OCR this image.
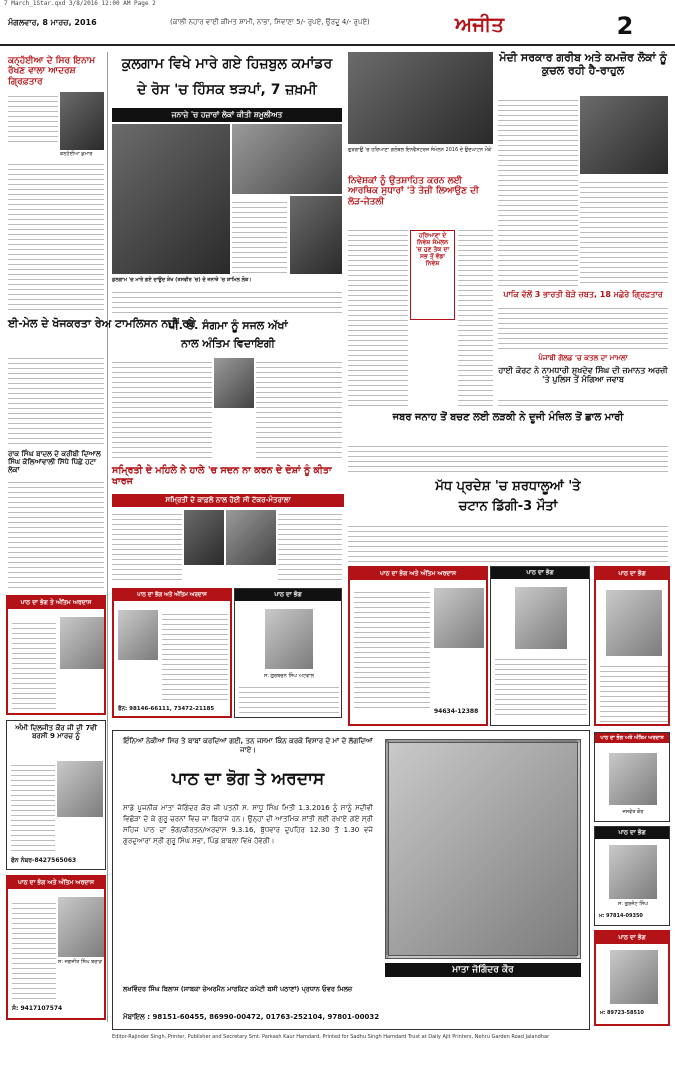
7 March_1Star.qxd 3/8/2016 12:00 AM Page 2
ਮੰਗਲਵਾਰ, 8 ਮਾਰਚ, 2016	(ਕਾਲੀ ਨਹਾਰ ਵਾਈ ਕੀਮਤ ਸ਼ਾਮੀ, ਨਾਭਾ, ਸਿਵਾਣਾ 5/- ਰੁਪਏ, ਉਰਦੂ 4/- ਰੁਪਏ)	ਅਜੀਤ	2
ਕਨ੍ਹੱਈਆ ਦੇ ਸਿਰ ਇਨਾਮ ਰੱਖਣ ਵਾਲਾ ਆਦਰਸ਼ ਗ੍ਰਿਫ਼ਤਾਰ
ਕਨ੍ਹੱਈਆ ਕੁਮਾਰ
ਈ-ਮੇਲ ਦੇ ਖੋਜਕਰਤਾ ਰੇਅ ਟਾਮਲਿਸਨ ਨਹੀਂ ਰਹੇ
ਰਾਕ ਸਿੰਘ ਬਾਦਲ ਦੇ ਕਰੀਬੀ ਦਿਆਲ ਸਿੰਘ ਕੋਲਿਆਂਵਾਲੀ ਸਿੱਧੇ ਪਿੱਛੇ ਹਟਾ ਲੋਕਾਂ
ਪਾਠ ਦਾ ਭੋਗ ਤੇ ਅੰਤਿਮ ਅਰਦਾਸ
ਅੰਮੀ ਦਿਲਜੀਤ ਕੌਰ ਜੀ ਦੀ 7ਵੀਂ ਬਰਸੀ 9 ਮਾਰਚ ਨੂੰ
ਫੋਨ ਨੰਬਰ-8427565063
ਪਾਠ ਦਾ ਭੋਗ ਅਤੇ ਅੰਤਿਮ ਅਰਦਾਸ
ਸ: ਜਗਜੀਤ ਸਿੰਘ ਬਰਾੜ
ਸੰ: 9417107574
ਕੁਲਗਾਮ ਵਿਖੇ ਮਾਰੇ ਗਏ ਹਿਜ਼ਬੁਲ ਕਮਾਂਡਰ
ਦੇ ਰੋਸ 'ਚ ਹਿੰਸਕ ਝੜਪਾਂ, 7 ਜ਼ਖ਼ਮੀ
ਜਨਾਜ਼ੇ 'ਚ ਹਜ਼ਾਰਾਂ ਲੋਕਾਂ ਕੀਤੀ ਸ਼ਮੂਲੀਅਤ
ਕੁਲਗਾਮ 'ਚ ਮਾਰੇ ਗਏ ਦਾਊਦ ਸ਼ੇਖ (ਤਸਵੀਰ 'ਚ) ਦੇ ਜਨਾਜ਼ੇ 'ਚ ਸ਼ਾਮਿਲ ਲੋਕ।
ਪੀ. ਏ. ਸੰਗਮਾ ਨੂੰ ਸਜਲ ਅੱਖਾਂ
ਨਾਲ ਅੰਤਿਮ ਵਿਦਾਇਗੀ
ਸਮ੍ਰਿਤੀ ਦੇ ਮਹਿਲੇ ਨੇ ਹਾਲੇ 'ਚ ਸਦਨ ਨਾ ਕਰਨ ਦੇ ਦੋਸ਼ਾਂ ਨੂੰ ਕੀਤਾ ਖਾਰਜ
ਸਮ੍ਰਿਤੀ ਦੇ ਕਾਫ਼ਲੇ ਨਾਲ ਹੋਈ ਸੀ ਟੱਕਰ-ਮੰਤਰਾਲਾ
ਪਾਠ ਦਾ ਭੋਗ ਅਤੇ ਅੰਤਿਮ ਅਰਦਾਸ
ਫੋਨ: 98146-66111, 73472-21185
ਪਾਠ ਦਾ ਭੋਗ
ਸ: ਗੁਰਬਚਨ ਸਿੰਘ ਅਟਵਾਲ
ਗੁੜਗਾਉਂ 'ਚ ਹਰਿਆਣਾ ਗਲੋਬਲ ਇਨਵੈਸਟਰਜ਼ ਸੰਮੇਲਨ 2016 ਦੇ ਉਦਘਾਟਨ ਮੌਕੇ
ਨਿਵੇਸ਼ਕਾਂ ਨੂੰ ਉਤਸ਼ਾਹਿਤ ਕਰਨ ਲਈ ਆਰਥਿਕ ਸੁਧਾਰਾਂ 'ਤੇ ਤੇਜ਼ੀ ਲਿਆਉਣ ਦੀ ਲੋੜ-ਜੇਤਲੀ
ਹਰਿਆਣਾ ਦੇ ਨਿਵੇਸ਼ ਸੰਮੇਲਨ 'ਚ ਹੁਣ ਤੱਕ ਦਾ ਸਭ ਤੋਂ ਵੱਡਾ ਨਿਵੇਸ਼
ਜਬਰ ਜਨਾਹ ਤੋਂ ਬਚਣ ਲਈ ਲੜਕੀ ਨੇ ਦੂਜੀ ਮੰਜ਼ਿਲ ਤੋਂ ਛਾਲ ਮਾਰੀ
ਮੱਧ ਪ੍ਰਦੇਸ਼ 'ਚ ਸ਼ਰਧਾਲੂਆਂ 'ਤੇ
ਚਟਾਨ ਡਿੱਗੀ-3 ਮੌਤਾਂ
ਪਾਠ ਦਾ ਭੋਗ ਅਤੇ ਅੰਤਿਮ ਅਰਦਾਸ
94634-12388
ਪਾਠ ਦਾ ਭੋਗ
ਇੰਨਿਆਂ ਨੇਕੀਆਂ ਸਿਰ ਤੇ ਬਾਬਾਂ ਕਰਦਿਆਂ ਗਈ, ਤਨ ਜਸਮਾ ਕਿੰਨ ਕਰਕੇ ਵਿਸਾਰ ਦੇ ਮਾਂ ਦੇ ਲੱਗਦਿਆਂ ਜਾਏ।
ਪਾਠ ਦਾ ਭੋਗ ਤੇ ਅਰਦਾਸ
ਸਾਡੇ ਪੂਜਨੀਕ ਮਾਤਾ ਜੋਗਿੰਦਰ ਕੌਰ ਜੀ ਪਤਨੀ ਸ. ਸਾਧੂ ਸਿੰਘ ਮਿਤੀ 1.3.2016 ਨੂੰ ਸਾਨੂੰ ਸਦੀਵੀ ਵਿਛੋੜਾ ਦੇ ਕੇ ਗੁਰੂ ਚਰਨਾਂ ਵਿਚ ਜਾ ਬਿਰਾਜੇ ਹਨ। ਉਨ੍ਹਾਂ ਦੀ ਆਤਮਿਕ ਸ਼ਾਂਤੀ ਲਈ ਰਖਾਏ ਗਏ ਸ੍ਰੀ ਸਹਿਜ ਪਾਠ ਦਾ ਭੋਗ/ਕੀਰਤਨ/ਅਰਦਾਸ 9.3.16, ਬੁੱਧਵਾਰ ਦੁਪਹਿਰ 12.30 ਤੋਂ 1.30 ਵਜੇ ਗੁਰਦੁਆਰਾ ਸ੍ਰੀ ਗੁਰੂ ਸਿੰਘ ਸਭਾ, ਪਿੰਡ ਬਾਬਲਾ ਵਿਖੇ ਹੋਵੇਗੀ।
ਮਾਤਾ ਜੋਗਿੰਦਰ ਕੌਰ
ਲਖਵਿੰਦਰ ਸਿੰਘ ਬਿਲਾਸ (ਸਾਬਕਾ ਚੇਅਰਮੈਨ ਮਾਰਕਿਟ ਕਮੇਟੀ ਬਸੀ ਪਠਾਣਾਂ) ਪ੍ਰਧਾਨ ਓਵਰ ਮਿਲਜ਼
ਮੋਬਾਇਲ : 98151-60455, 86990-00472, 01763-252104, 97801-00032
ਮੋਦੀ ਸਰਕਾਰ ਗਰੀਬ ਅਤੇ ਕਮਜ਼ੋਰ ਲੋਕਾਂ ਨੂੰ ਕੁਚਲ ਰਹੀ ਹੈ-ਰਾਹੁਲ
ਪਾਕਿ ਵੱਲੋਂ 3 ਭਾਰਤੀ ਬੇੜੇ ਜ਼ਬਤ, 18 ਮਛੇਰੇ ਗ੍ਰਿਫ਼ਤਾਰ
ਪੰਜਾਬੀ ਗੋਲਡ 'ਚ ਕਤਲ ਦਾ ਮਾਮਲਾ
ਹਾਈ ਕੋਰਟ ਨੇ ਨਾਮਧਾਰੀ ਸੁਖਦੇਵ ਸਿੰਘ ਦੀ ਜ਼ਮਾਨਤ ਅਰਜ਼ੀ 'ਤੇ ਪੁਲਿਸ ਤੋਂ ਮੰਗਿਆ ਜਵਾਬ
ਪਾਠ ਦਾ ਭੋਗ
ਪਾਠ ਦਾ ਭੋਗ ਅਤੇ ਅੰਤਿਮ ਅਰਦਾਸ
ਜਸਵੰਤ ਕੌਰ
ਪਾਠ ਦਾ ਭੋਗ
ਸ: ਗੁਰਜੰਟ ਸਿੰਘ
ਮ: 97814-09350
ਪਾਠ ਦਾ ਭੋਗ
ਮ: 89723-58510
Editor-Rajinder Singh, Printer, Publisher and Secretary Smt. Parkash Kaur Hamdard. Printed for Sadhu Singh Hamdard Trust at Daily Ajit Printers, Nehru Garden Road Jalandhar
